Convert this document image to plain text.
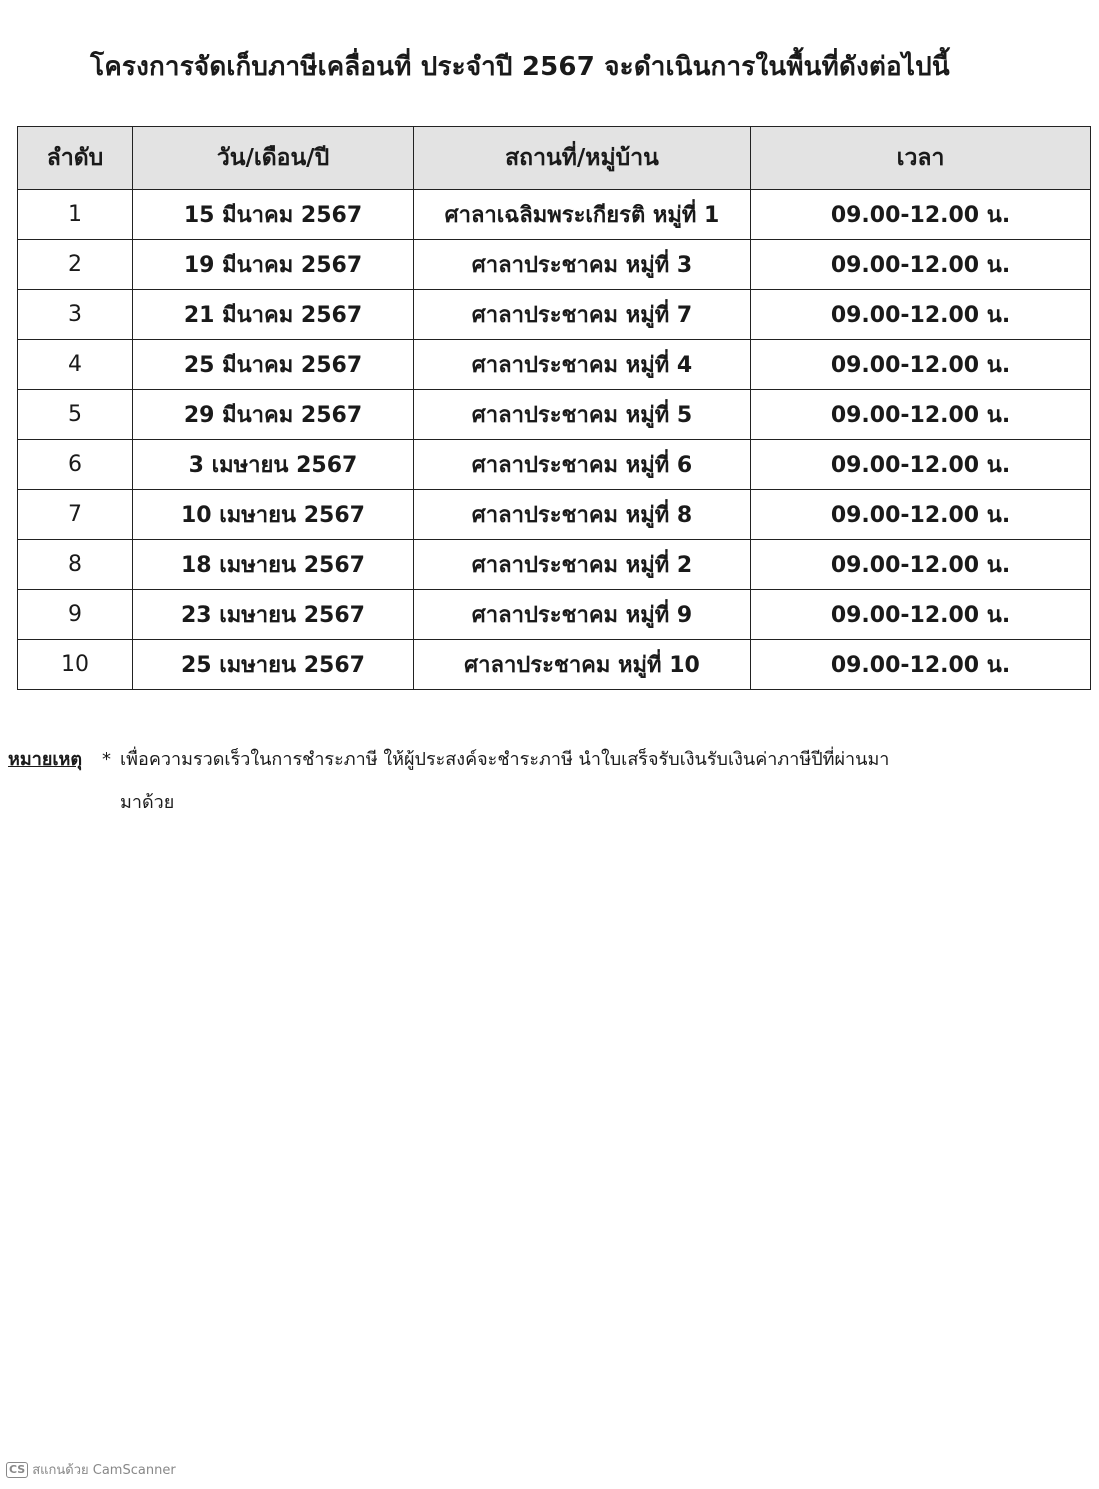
โครงการจัดเก็บภาษีเคลื่อนที่ ประจำปี 2567 จะดำเนินการในพื้นที่ดังต่อไปนี้
ลำดับ	วัน/เดือน/ปี	สถานที่/หมู่บ้าน	เวลา
1	15 มีนาคม 2567	ศาลาเฉลิมพระเกียรติ หมู่ที่ 1	09.00-12.00 น.
2	19 มีนาคม 2567	ศาลาประชาคม หมู่ที่ 3	09.00-12.00 น.
3	21 มีนาคม 2567	ศาลาประชาคม หมู่ที่ 7	09.00-12.00 น.
4	25 มีนาคม 2567	ศาลาประชาคม หมู่ที่ 4	09.00-12.00 น.
5	29 มีนาคม 2567	ศาลาประชาคม หมู่ที่ 5	09.00-12.00 น.
6	3 เมษายน 2567	ศาลาประชาคม หมู่ที่ 6	09.00-12.00 น.
7	10 เมษายน 2567	ศาลาประชาคม หมู่ที่ 8	09.00-12.00 น.
8	18 เมษายน 2567	ศาลาประชาคม หมู่ที่ 2	09.00-12.00 น.
9	23 เมษายน 2567	ศาลาประชาคม หมู่ที่ 9	09.00-12.00 น.
10	25 เมษายน 2567	ศาลาประชาคม หมู่ที่ 10	09.00-12.00 น.
หมายเหตุ * เพื่อความรวดเร็วในการชำระภาษี ให้ผู้ประสงค์จะชำระภาษี นำใบเสร็จรับเงินรับเงินค่าภาษีปีที่ผ่านมา
มาด้วย
CS สแกนด้วย CamScanner
